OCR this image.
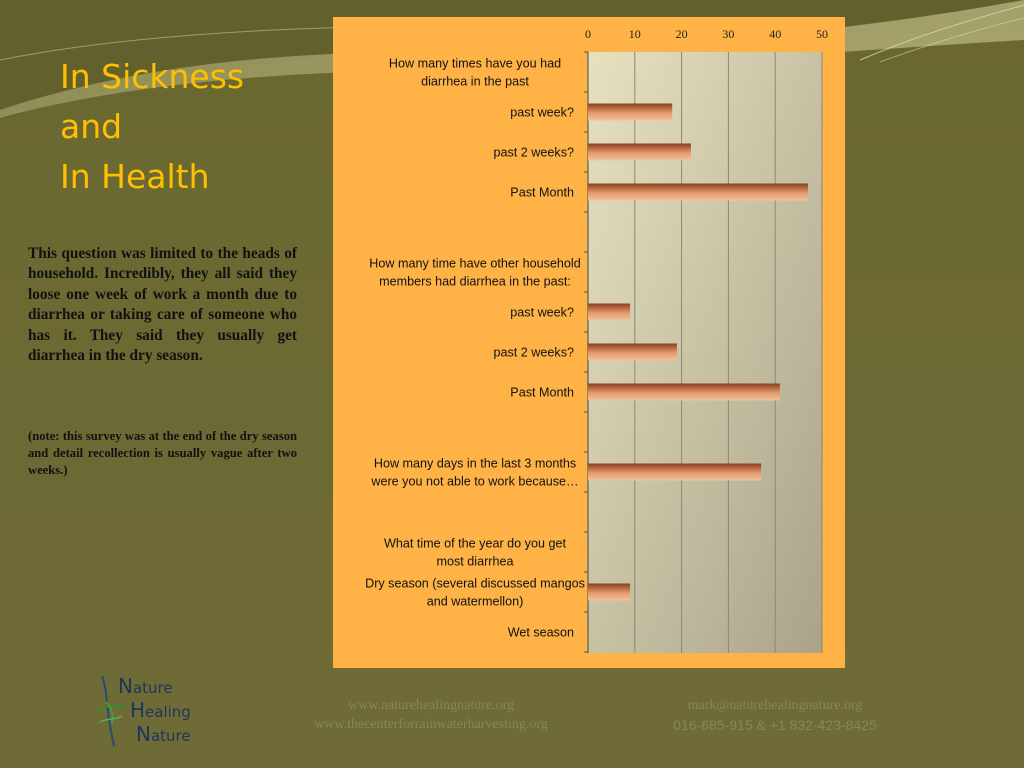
In Sickness
and
In Health
This question was limited to the heads of household. Incredibly, they all said they loose one week of work a month due to diarrhea or taking care of someone who has it. They said they usually get diarrhea in the dry season.
(note: this survey was at the end of the dry season and detail recollection is usually vague after two weeks.)
0	10	20	30	40	50
How many times have you had
diarrhea in the past
past week?
past 2 weeks?
Past Month
How many time have other household
members had diarrhea in the past:
past week?
past 2 weeks?
Past Month
How many days in the last 3 months
were you not able to work because…
What time of the year do you get
most diarrhea
Dry season (several discussed mangos
and watermellon)
Wet season
Nature
Healing
Nature
www.naturehealingnature.org
www.thecenterforrainwaterharvesting.org
mark@naturehealingnature.org
016-685-915 & +1 832-423-8425
